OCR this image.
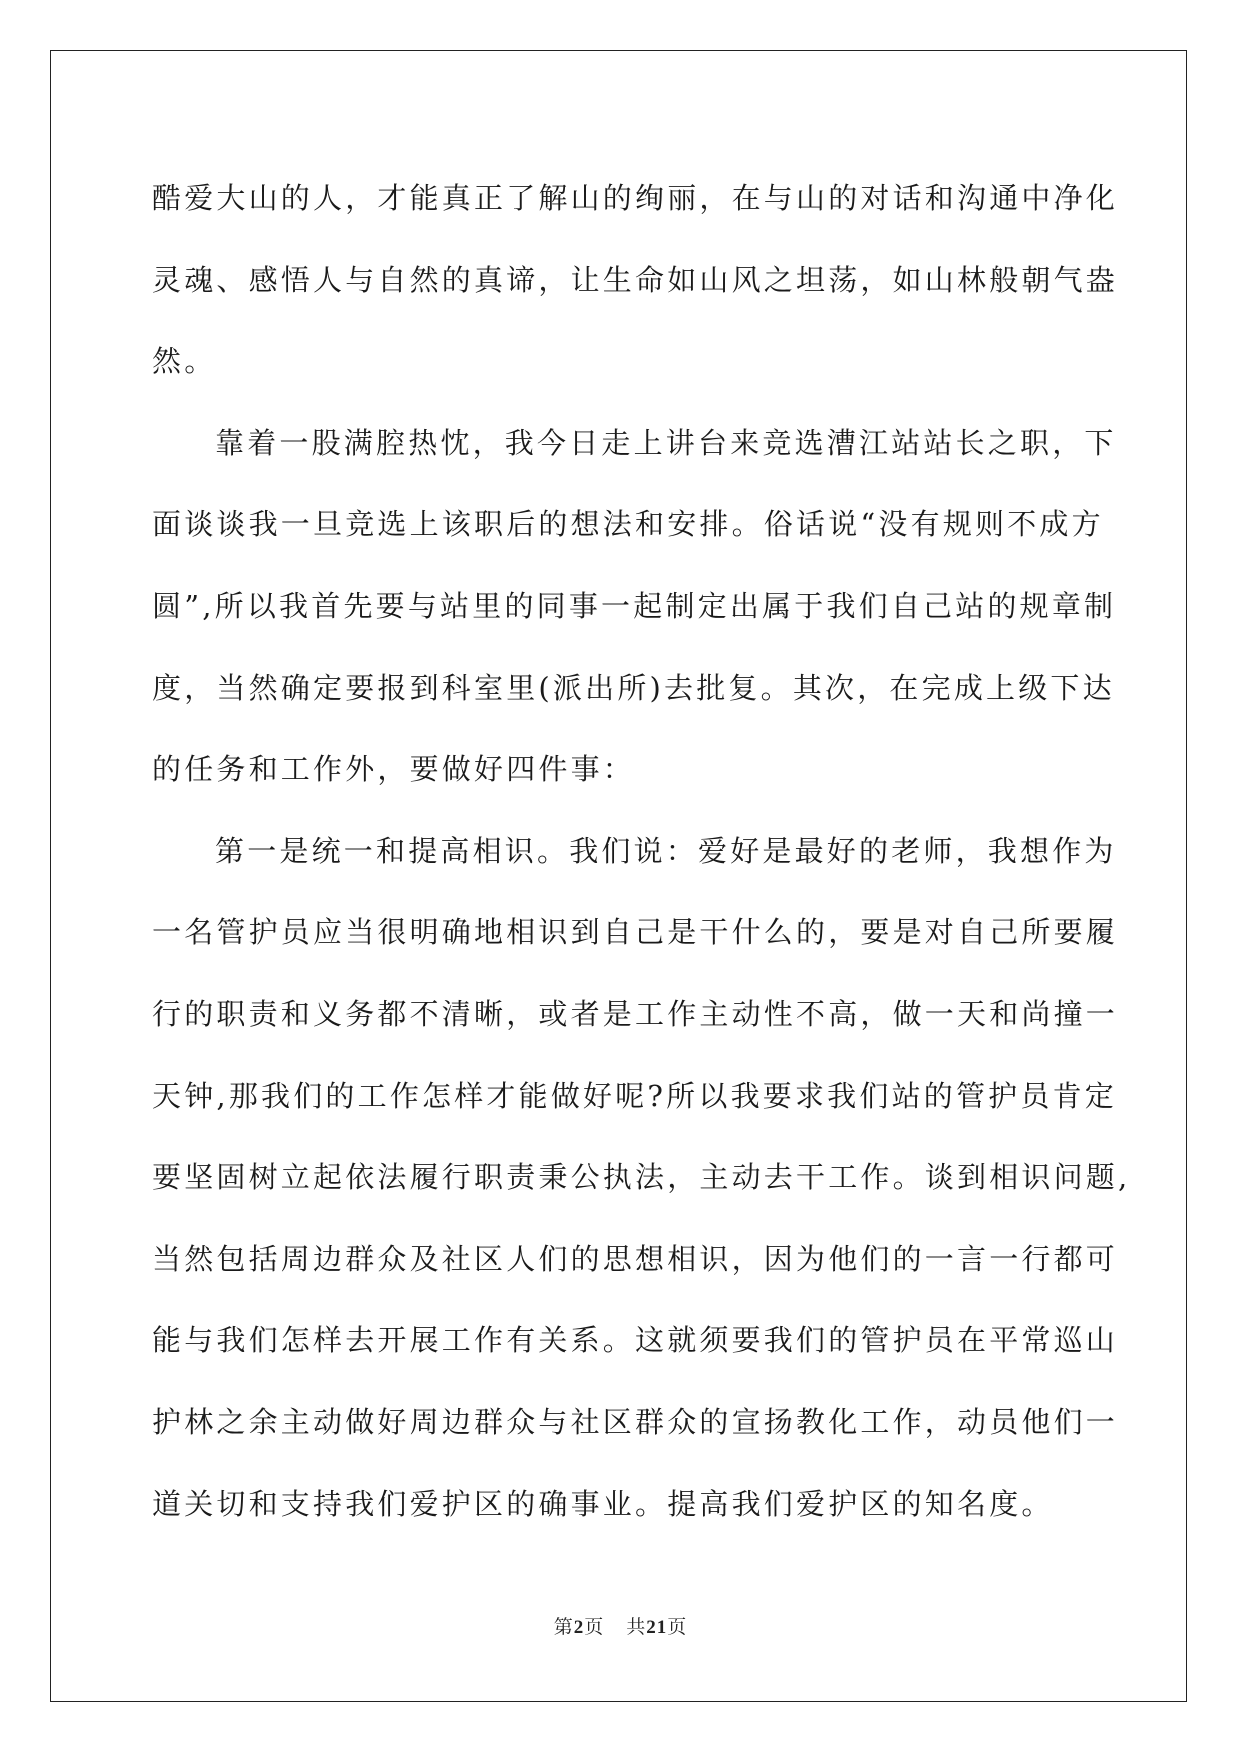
酷爱大山的人，才能真正了解山的绚丽，在与山的对话和沟通中净化
灵魂、感悟人与自然的真谛，让生命如山风之坦荡，如山林般朝气盎
然。
靠着一股满腔热忱，我今日走上讲台来竞选漕江站站长之职，下
面谈谈我一旦竞选上该职后的想法和安排。俗话说“没有规则不成方
圆”,所以我首先要与站里的同事一起制定出属于我们自己站的规章制
度，当然确定要报到科室里(派出所)去批复。其次，在完成上级下达
的任务和工作外，要做好四件事：
第一是统一和提高相识。我们说：爱好是最好的老师，我想作为
一名管护员应当很明确地相识到自己是干什么的，要是对自己所要履
行的职责和义务都不清晰，或者是工作主动性不高，做一天和尚撞一
天钟,那我们的工作怎样才能做好呢?所以我要求我们站的管护员肯定
要坚固树立起依法履行职责秉公执法，主动去干工作。谈到相识问题,
当然包括周边群众及社区人们的思想相识，因为他们的一言一行都可
能与我们怎样去开展工作有关系。这就须要我们的管护员在平常巡山
护林之余主动做好周边群众与社区群众的宣扬教化工作，动员他们一
道关切和支持我们爱护区的确事业。提高我们爱护区的知名度。
第2页 共21页
